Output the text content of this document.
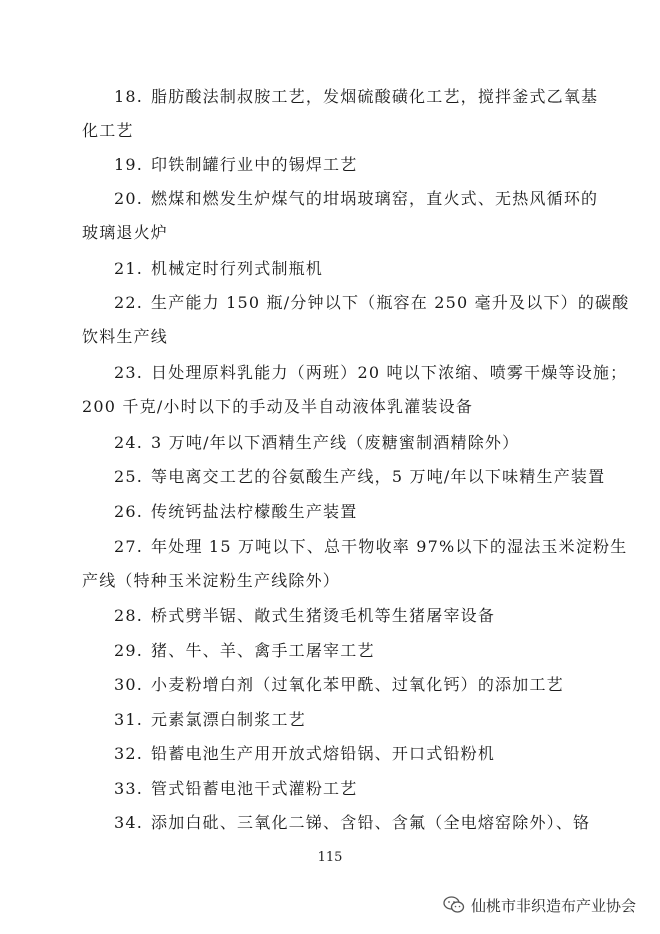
18. 脂肪酸法制叔胺工艺，发烟硫酸磺化工艺，搅拌釜式乙氧基
化工艺
19. 印铁制罐行业中的锡焊工艺
20. 燃煤和燃发生炉煤气的坩埚玻璃窑，直火式、无热风循环的
玻璃退火炉
21. 机械定时行列式制瓶机
22. 生产能力 150 瓶/分钟以下（瓶容在 250 毫升及以下）的碳酸
饮料生产线
23. 日处理原料乳能力（两班）20 吨以下浓缩、喷雾干燥等设施；
200 千克/小时以下的手动及半自动液体乳灌装设备
24. 3 万吨/年以下酒精生产线（废糖蜜制酒精除外）
25. 等电离交工艺的谷氨酸生产线，5 万吨/年以下味精生产装置
26. 传统钙盐法柠檬酸生产装置
27. 年处理 15 万吨以下、总干物收率 97%以下的湿法玉米淀粉生
产线（特种玉米淀粉生产线除外）
28. 桥式劈半锯、敞式生猪烫毛机等生猪屠宰设备
29. 猪、牛、羊、禽手工屠宰工艺
30. 小麦粉增白剂（过氧化苯甲酰、过氧化钙）的添加工艺
31. 元素氯漂白制浆工艺
32. 铅蓄电池生产用开放式熔铅锅、开口式铅粉机
33. 管式铅蓄电池干式灌粉工艺
34. 添加白砒、三氧化二锑、含铅、含氟（全电熔窑除外）、铬
115
仙桃市非织造布产业协会
